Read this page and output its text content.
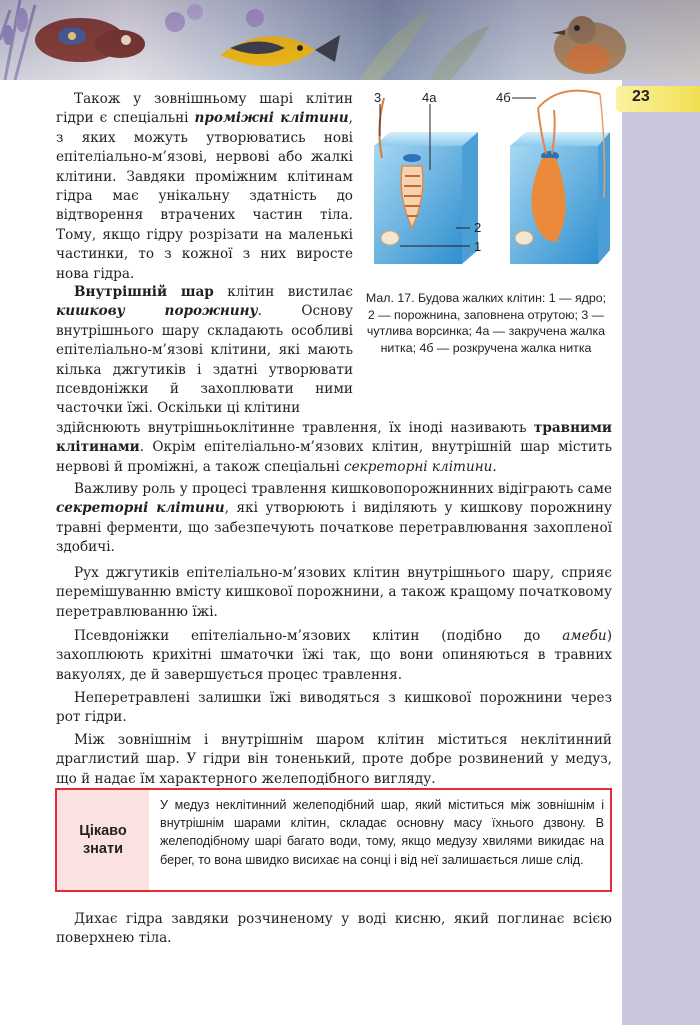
23

Також у зовнішньому шарі клітин гідри є спеціальні проміжні клітини, з яких можуть утворюватись нові епітеліально-м’язові, нервові або жалкі клітини. Завдяки проміжним клітинам гідра має унікальну здатність до відтворення втрачених частин тіла. Тому, якщо гідру розрізати на маленькі частинки, то з кожної з них виросте нова гідра.

Внутрішній шар клітин вистилає кишкову порожнину. Основу внутрішнього шару складають особливі епітеліально-м’язові клітини, які мають кілька джгутиків і здатні утворювати псевдоніжки й захоплювати ними часточки їжі. Оскільки ці клітини

3	4а	4б
2
1

Мал. 17. Будова жалких клітин: 1 — ядро; 2 — порожнина, заповнена отрутою; 3 — чутлива ворсинка; 4а — закручена жалка нитка; 4б — розкручена жалка нитка

здійснюють внутрішньоклітинне травлення, їх іноді називають травними клітинами. Окрім епітеліально-м’язових клітин, внутрішній шар містить нервові й проміжні, а також спеціальні секреторні клітини.

Важливу роль у процесі травлення кишковопорожнинних відіграють саме секреторні клітини, які утворюють і виділяють у кишкову порожнину травні ферменти, що забезпечують початкове перетравлювання захопленої здобичі.

Рух джгутиків епітеліально-м’язових клітин внутрішнього шару, сприяє перемішуванню вмісту кишкової порожнини, а також кращому початковому перетравлюванню їжі.

Псевдоніжки епітеліально-м’язових клітин (подібно до амеби) захоплюють крихітні шматочки їжі так, що вони опиняються в травних вакуолях, де й завершується процес травлення.

Неперетравлені залишки їжі виводяться з кишкової порожнини через рот гідри.

Між зовнішнім і внутрішнім шаром клітин міститься неклітинний драглистий шар. У гідри він тоненький, проте добре розвинений у медуз, що й надає їм характерного желеподібного вигляду.

Цікаво
знати

У медуз неклітинний желеподібний шар, який міститься між зовнішнім і внутрішнім шарами клітин, складає основну масу їхнього дзвону. В желеподібному шарі багато води, тому, якщо медузу хвилями викидає на берег, то вона швидко висихає на сонці і від неї залишається лише слід.

Дихає гідра завдяки розчиненому у воді кисню, який поглинає всією поверхнею тіла.
